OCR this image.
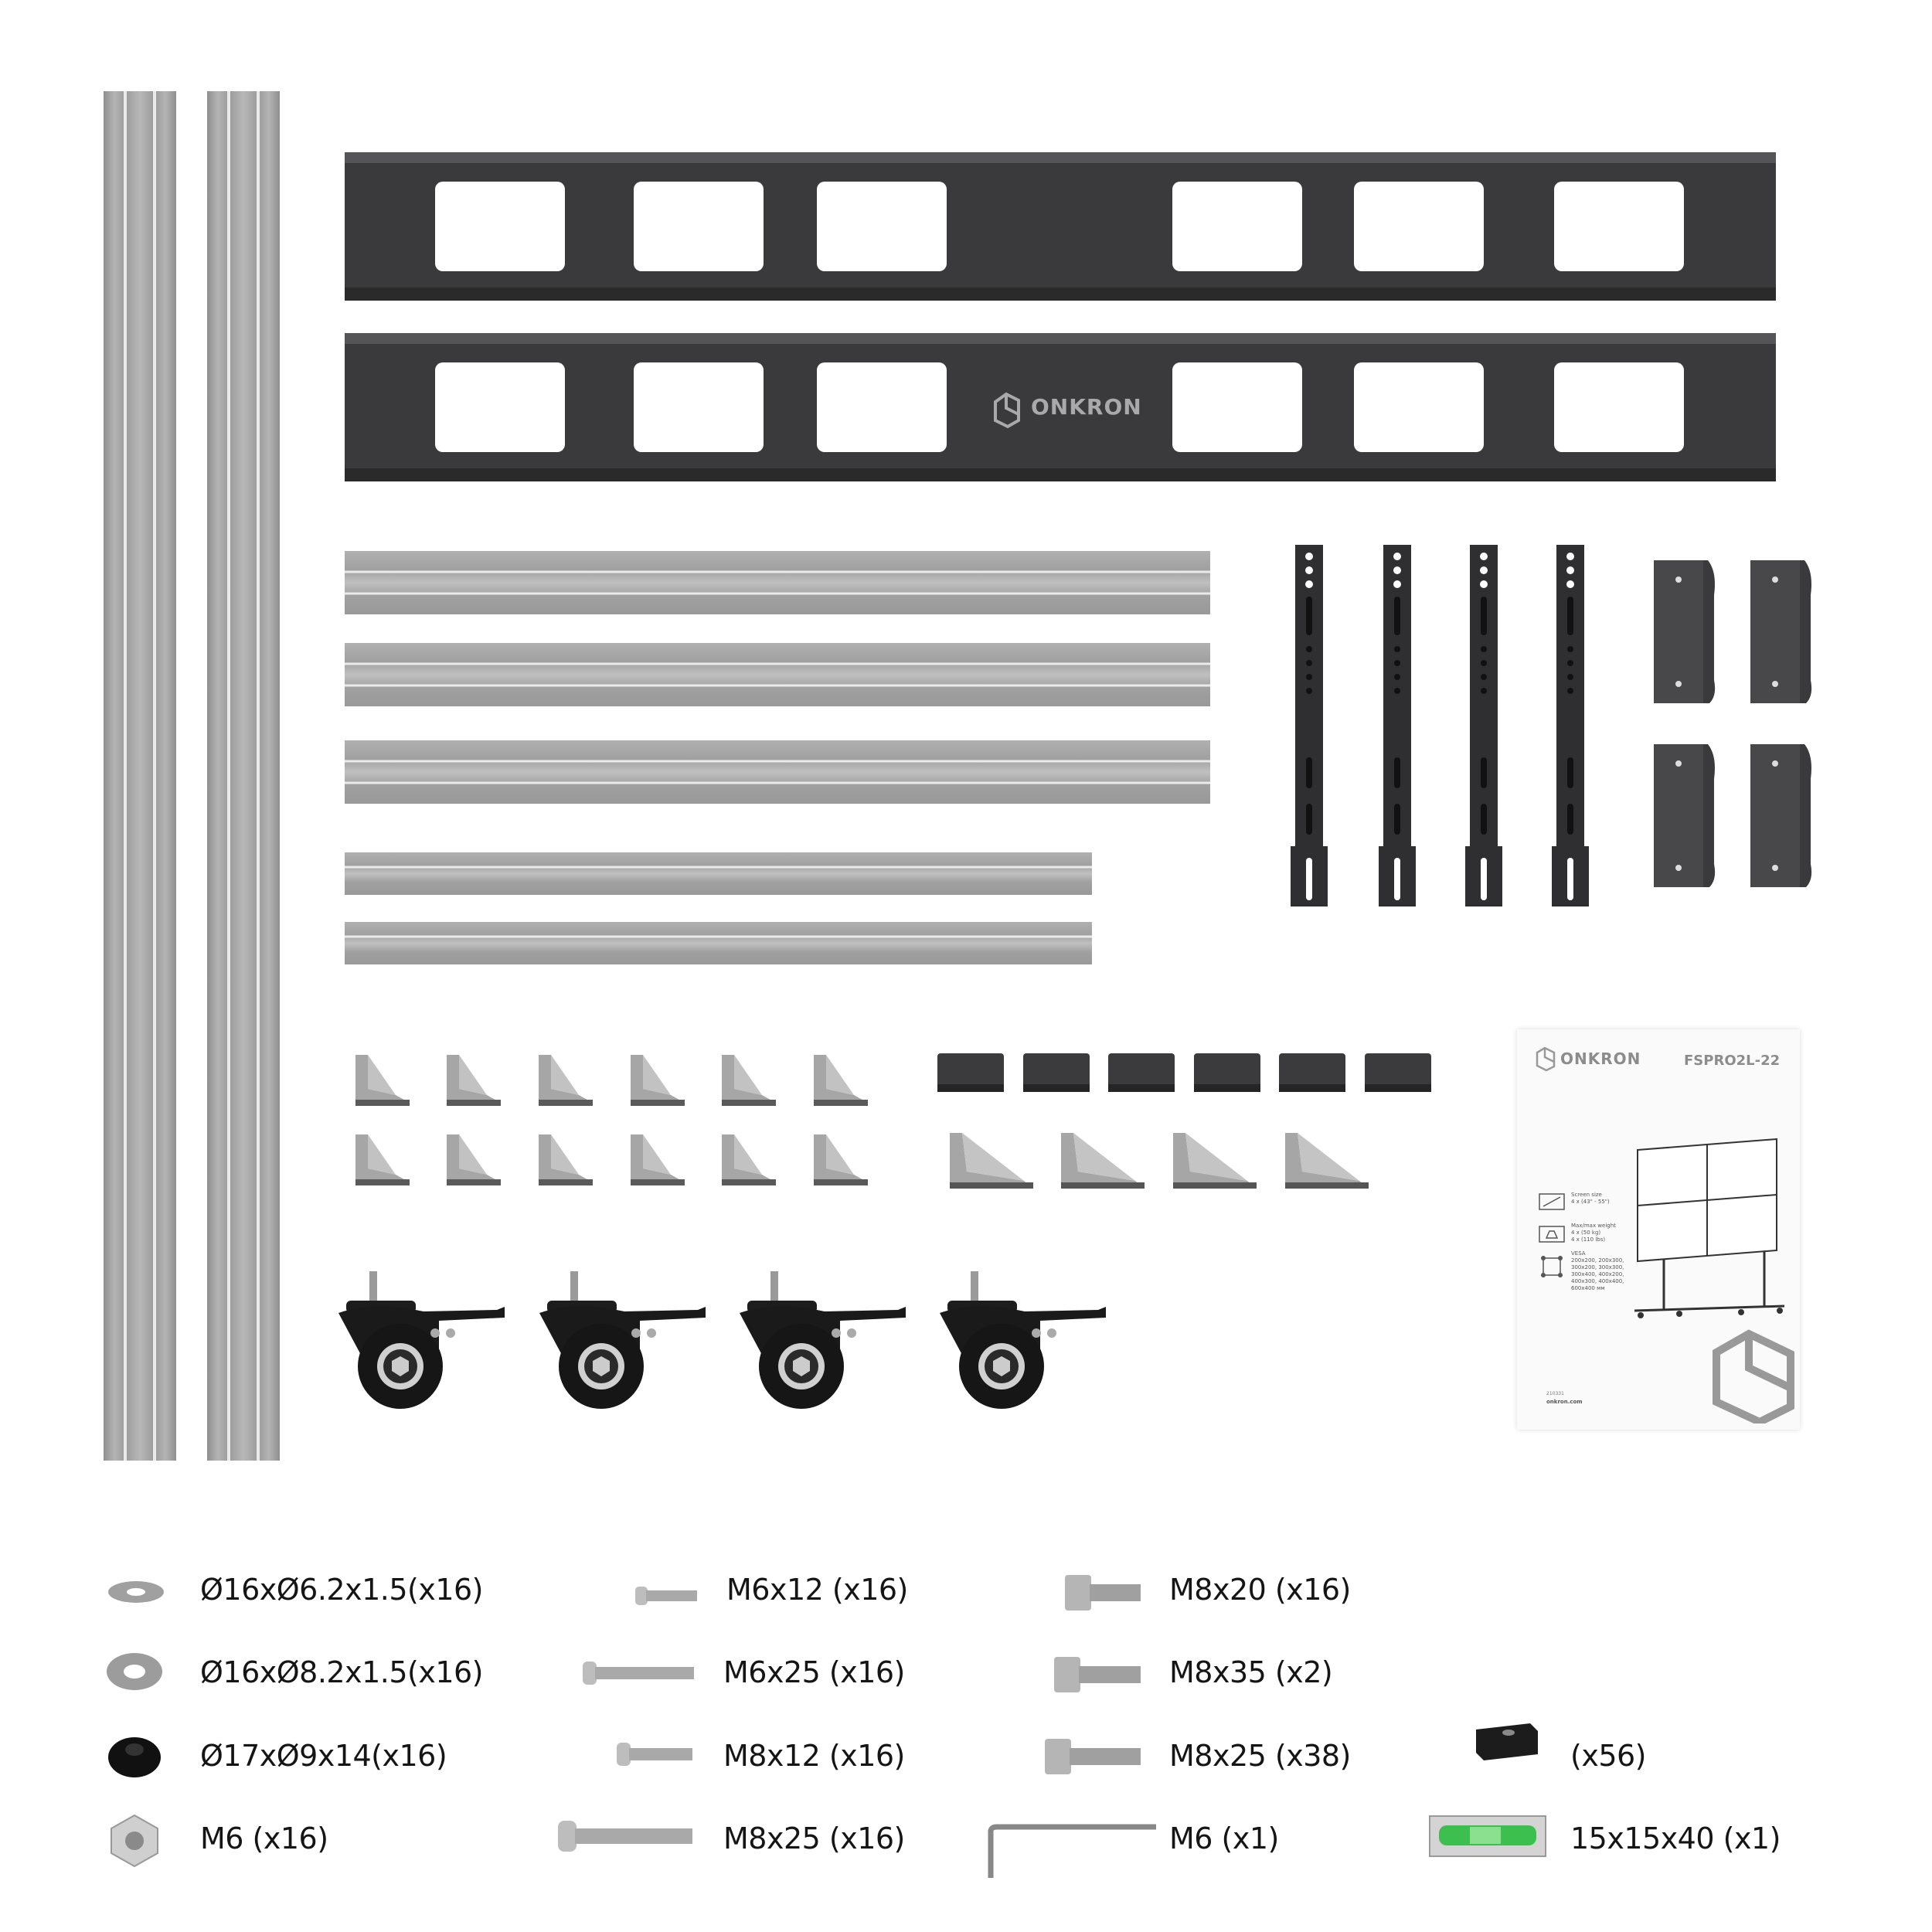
ONKRON
ONKRON	FSPRO2L-22
Screen size
4 x (43" - 55")
Max/max weight
4 x (50 kg)
4 x (110 lbs)
VESA
200x200, 200x300,
300x200, 300x300,
300x400, 400x200,
400x300, 400x400,
600x400 мм
210331
onkron.com
Ø16xØ6.2x1.5(x16)
Ø16xØ8.2x1.5(x16)
Ø17xØ9x14(x16)
M6 (x16)
M6x12 (x16)
M6x25 (x16)
M8x12 (x16)
M8x25 (x16)
M8x20 (x16)
M8x35 (x2)
M8x25 (x38)
M6 (x1)
(x56)
15x15x40 (x1)
